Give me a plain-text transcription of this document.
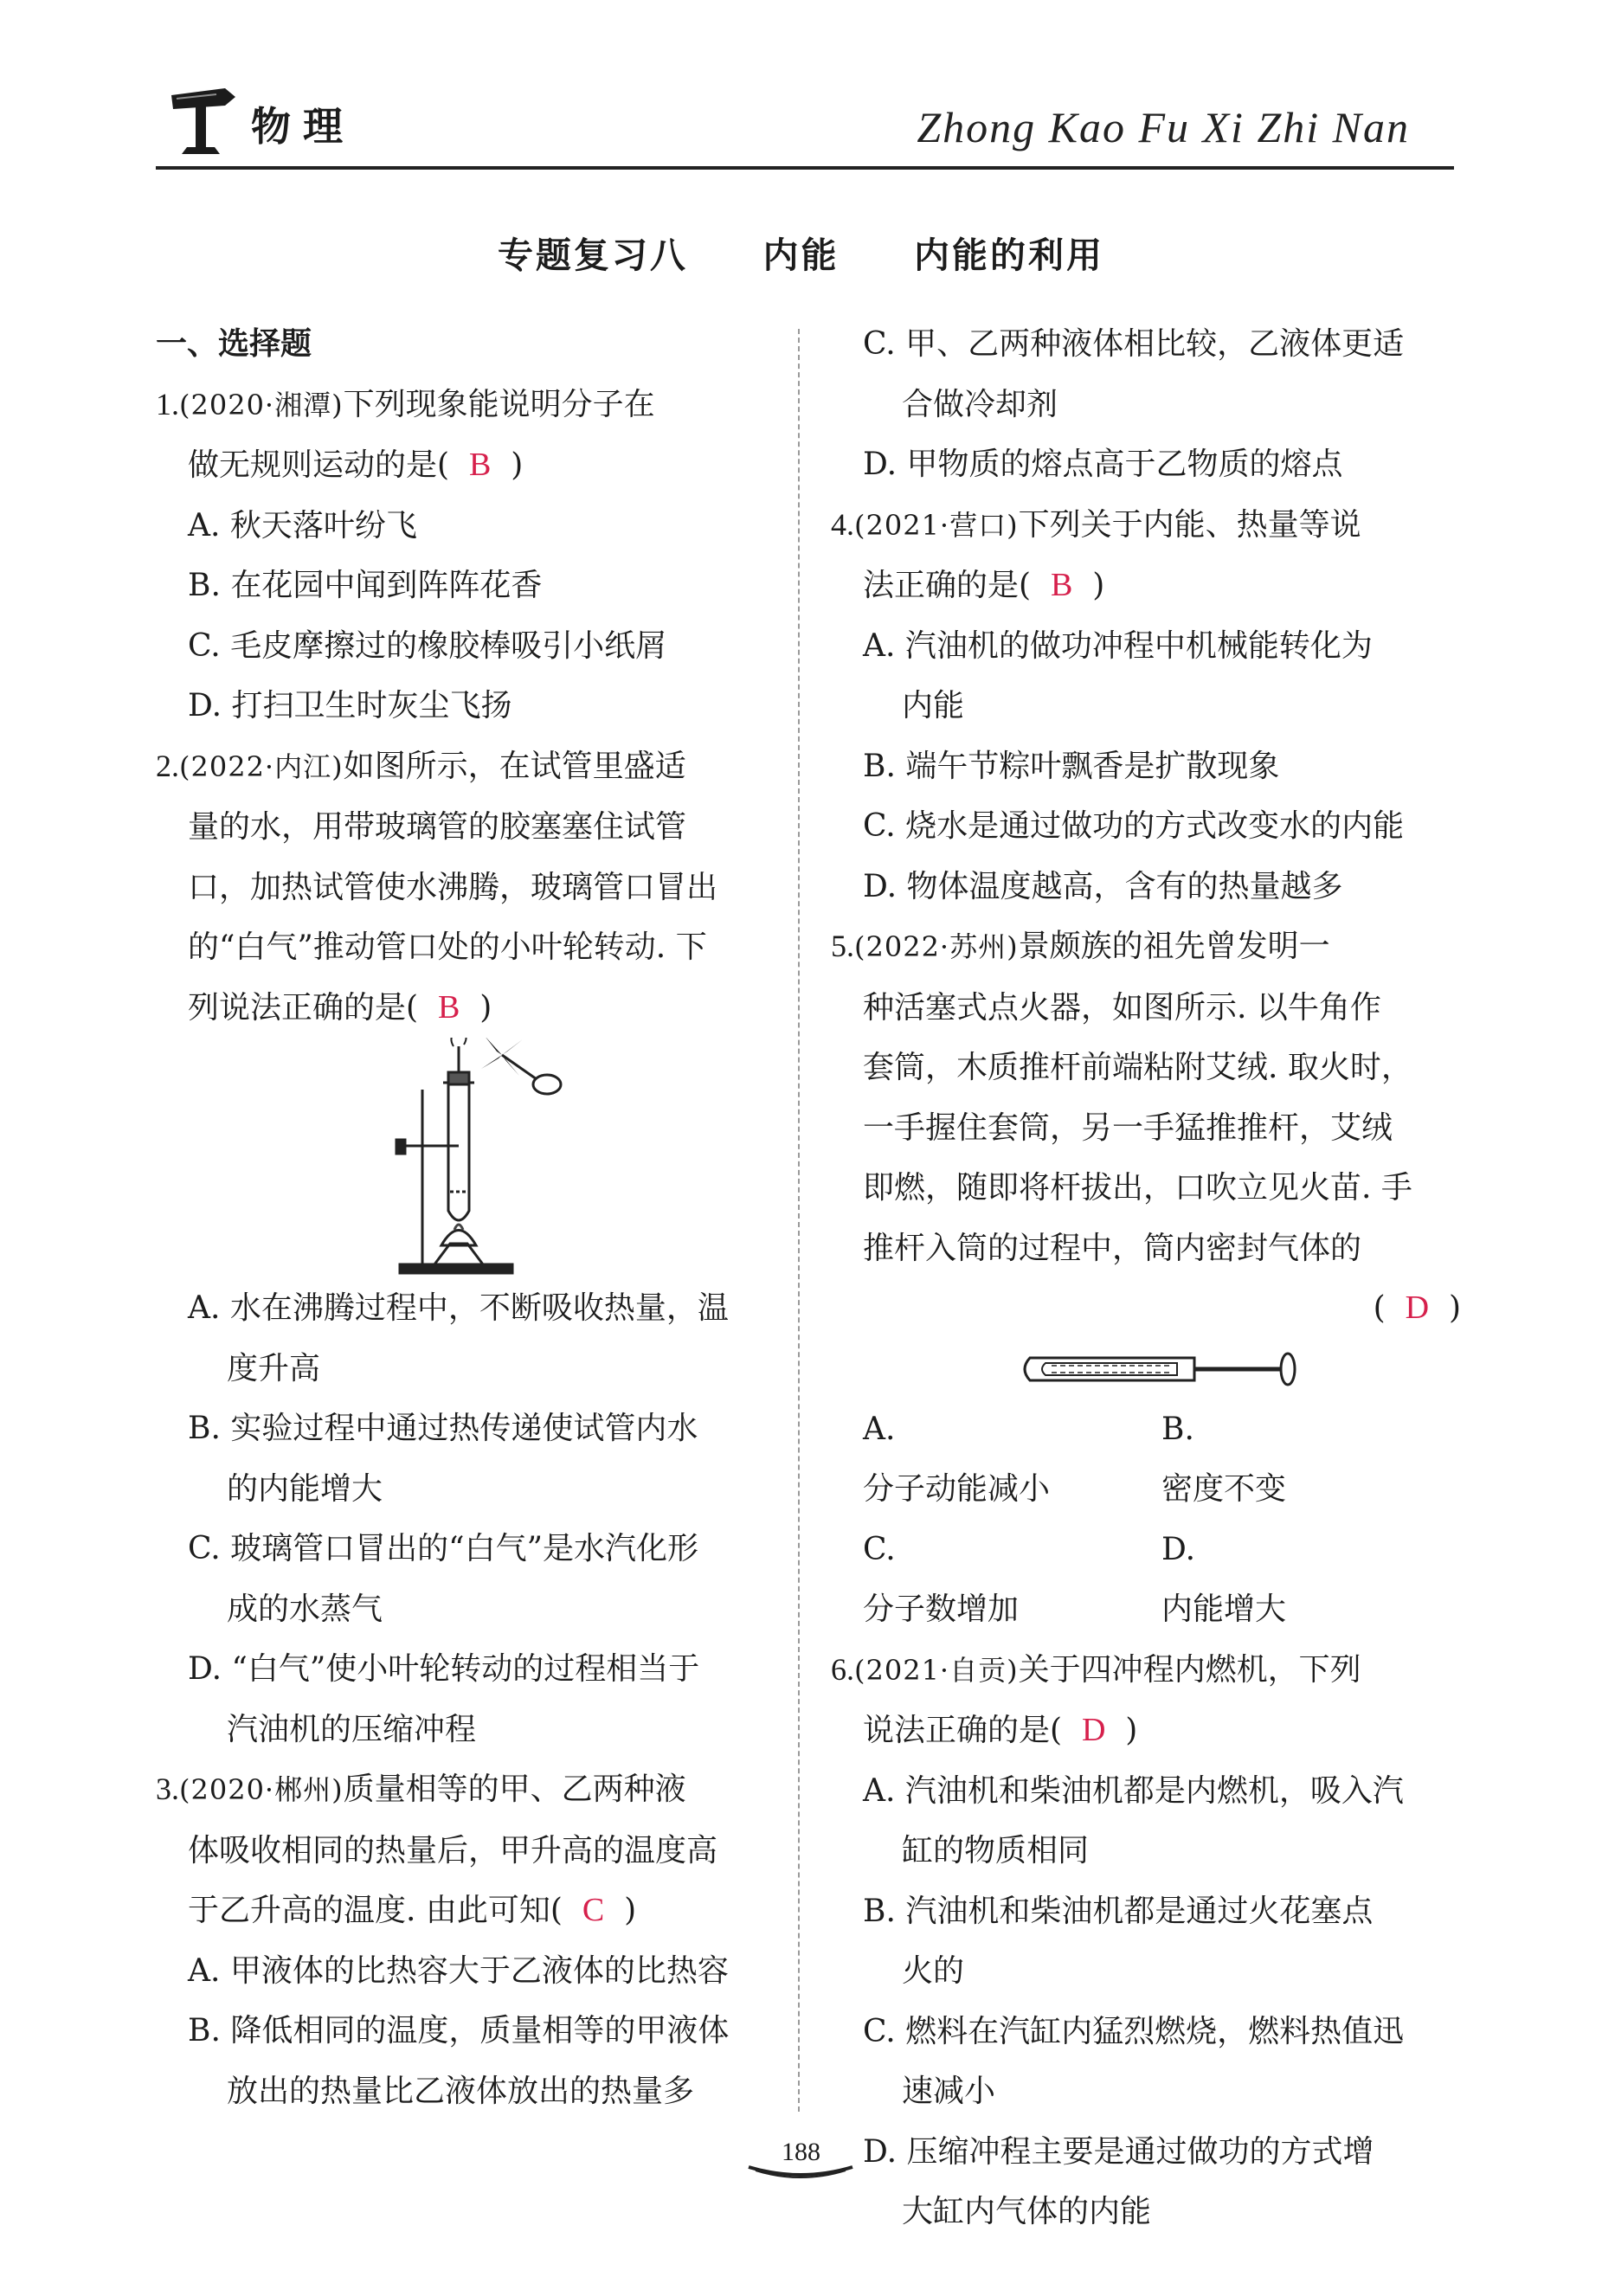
物理	Zhong Kao Fu Xi Zhi Nan
专题复习八  内能  内能的利用
一、选择题
1.(2020·湘潭)下列现象能说明分子在
做无规则运动的是(  B  )
A. 秋天落叶纷飞
B. 在花园中闻到阵阵花香
C. 毛皮摩擦过的橡胶棒吸引小纸屑
D. 打扫卫生时灰尘飞扬
2.(2022·内江)如图所示，在试管里盛适
量的水，用带玻璃管的胶塞塞住试管
口，加热试管使水沸腾，玻璃管口冒出
的“白气”推动管口处的小叶轮转动. 下
列说法正确的是(  B  )
A. 水在沸腾过程中，不断吸收热量，温
度升高
B. 实验过程中通过热传递使试管内水
的内能增大
C. 玻璃管口冒出的“白气”是水汽化形
成的水蒸气
D. “白气”使小叶轮转动的过程相当于
汽油机的压缩冲程
3.(2020·郴州)质量相等的甲、乙两种液
体吸收相同的热量后，甲升高的温度高
于乙升高的温度. 由此可知(  C  )
A. 甲液体的比热容大于乙液体的比热容
B. 降低相同的温度，质量相等的甲液体
放出的热量比乙液体放出的热量多
C. 甲、乙两种液体相比较，乙液体更适
合做冷却剂
D. 甲物质的熔点高于乙物质的熔点
4.(2021·营口)下列关于内能、热量等说
法正确的是(  B  )
A. 汽油机的做功冲程中机械能转化为
内能
B. 端午节粽叶飘香是扩散现象
C. 烧水是通过做功的方式改变水的内能
D. 物体温度越高，含有的热量越多
5.(2022·苏州)景颇族的祖先曾发明一
种活塞式点火器，如图所示. 以牛角作
套筒，木质推杆前端粘附艾绒. 取火时，
一手握住套筒，另一手猛推推杆，艾绒
即燃，随即将杆拔出，口吹立见火苗. 手
推杆入筒的过程中，筒内密封气体的
(  D  )
A. 分子动能减小
B. 密度不变
C. 分子数增加
D. 内能增大
6.(2021·自贡)关于四冲程内燃机，下列
说法正确的是(  D  )
A. 汽油机和柴油机都是内燃机，吸入汽
缸的物质相同
B. 汽油机和柴油机都是通过火花塞点
火的
C. 燃料在汽缸内猛烈燃烧，燃料热值迅
速减小
D. 压缩冲程主要是通过做功的方式增
大缸内气体的内能
188
